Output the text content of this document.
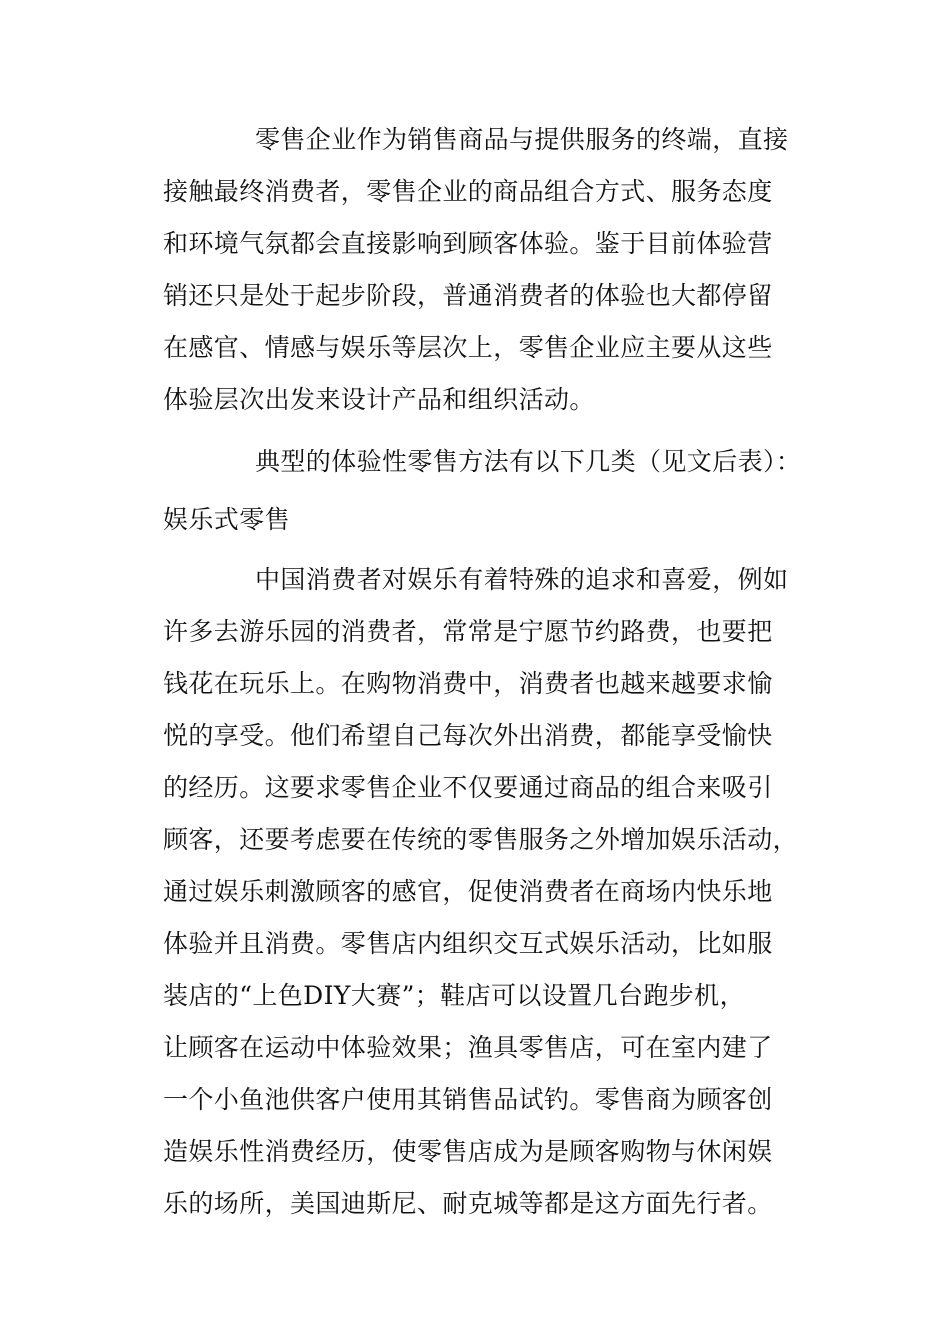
零售企业作为销售商品与提供服务的终端，直接

接触最终消费者，零售企业的商品组合方式、服务态度

和环境气氛都会直接影响到顾客体验。鉴于目前体验营

销还只是处于起步阶段，普通消费者的体验也大都停留

在感官、情感与娱乐等层次上，零售企业应主要从这些

体验层次出发来设计产品和组织活动。

典型的体验性零售方法有以下几类（见文后表）：

娱乐式零售

中国消费者对娱乐有着特殊的追求和喜爱，例如

许多去游乐园的消费者，常常是宁愿节约路费，也要把

钱花在玩乐上。在购物消费中，消费者也越来越要求愉

悦的享受。他们希望自己每次外出消费，都能享受愉快

的经历。这要求零售企业不仅要通过商品的组合来吸引

顾客，还要考虑要在传统的零售服务之外增加娱乐活动，

通过娱乐刺激顾客的感官，促使消费者在商场内快乐地

体验并且消费。零售店内组织交互式娱乐活动，比如服

装店的“上色DIY大赛”；鞋店可以设置几台跑步机，

让顾客在运动中体验效果；渔具零售店，可在室内建了

一个小鱼池供客户使用其销售品试钓。零售商为顾客创

造娱乐性消费经历，使零售店成为是顾客购物与休闲娱

乐的场所，美国迪斯尼、耐克城等都是这方面先行者。
